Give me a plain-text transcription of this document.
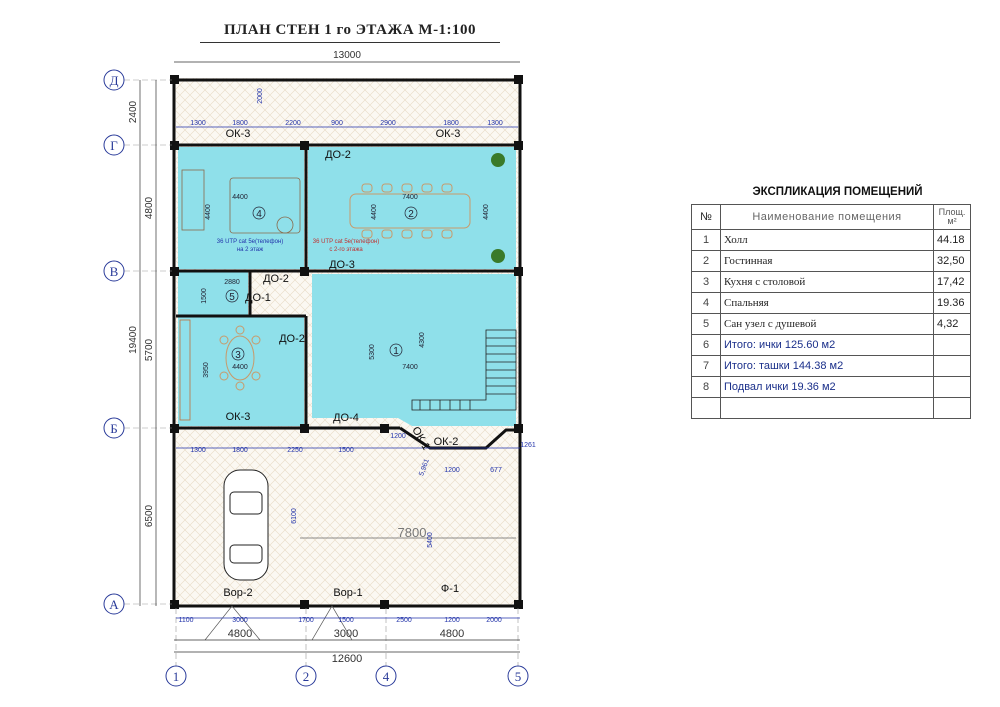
ПЛАН СТЕН 1 го ЭТАЖА М-1:100
Д
Г
В
Б
А
1	2	4	5
13000
4800	3000	4800
12600
7800
2400
4800
5700
6500
19400
6100
5400
1300	1800	2200	900	2900	1800	1300
1300	1800	2250	1500
1200
1200
1100	3000	1700	1500	2500	1200	2000
2000
1261
677
5,961
4400
4400
7400
4400	4400
4400
3950	7400
5300
4300
2880
1500
4	2
3	1
5
ОК-3	ОК-3
ОК-3
ОК-1 ОК-2
ДО-2
ДО-3
ДО-2
ДО-1
ДО-2
ДО-4
Вор-2	Вор-1	Ф-1
36 UTP cat 5e(телефон)
на 2 этаж
36 UTP cat 5e(телефон)
с 2-го этажа
ЭКСПЛИКАЦИЯ ПОМЕЩЕНИЙ
№	Наименование помещения	Площ.
м²

1	Холл	44.18
2	Гостинная	32,50
3	Кухня с столовой	17,42
4	Спальняя	19.36
5	Сан узел с душевой	4,32
6	Итого: ички 125.60 м2	
7	Итого: ташки 144.38 м2	
8	Подвал ички 19.36 м2	
